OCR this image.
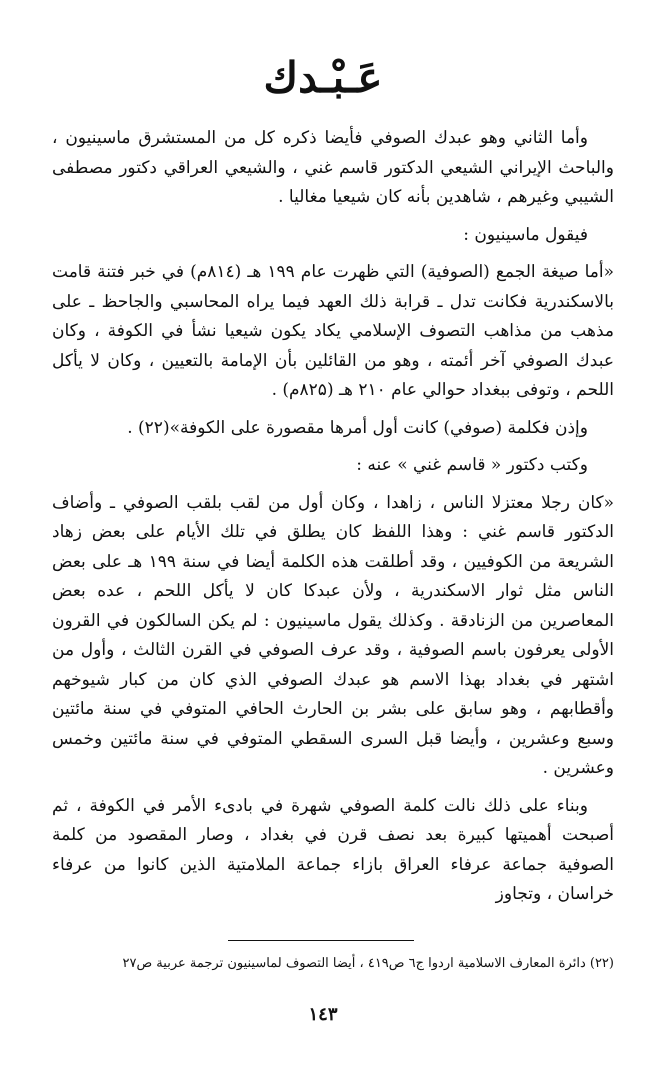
عَـبْـدك

وأما الثاني وهو عبدك الصوفي فأيضا ذكره كل من المستشرق ماسينيون ، والباحث الإيراني الشيعي الدكتور قاسم غني ، والشيعي العراقي دكتور مصطفى الشيبي وغيرهم ، شاهدين بأنه كان شيعيا مغاليا .

فيقول ماسينيون :

«أما صيغة الجمع (الصوفية) التي ظهرت عام ۱۹۹ هـ (۸۱٤م) في خبر فتنة قامت بالاسكندرية فكانت تدل ـ قرابة ذلك العهد فيما يراه المحاسبي والجاحظ ـ على مذهب من مذاهب التصوف الإسلامي يكاد يكون شيعيا نشأ في الكوفة ، وكان عبدك الصوفي آخر أئمته ، وهو من القائلين بأن الإمامة بالتعيين ، وكان لا يأكل اللحم ، وتوفى ببغداد حوالي عام ۲۱۰ هـ (۸۲۵م) .

وإذن فكلمة (صوفي) كانت أول أمرها مقصورة على الكوفة»(۲۲) .

وكتب دكتور « قاسم غني » عنه :

«كان رجلا معتزلا الناس ، زاهدا ، وكان أول من لقب بلقب الصوفي ـ وأضاف الدكتور قاسم غني : وهذا اللفظ كان يطلق في تلك الأيام على بعض زهاد الشريعة من الكوفيين ، وقد أطلقت هذه الكلمة أيضا في سنة ۱۹۹ هـ على بعض الناس مثل ثوار الاسكندرية ، ولأن عبدكا كان لا يأكل اللحم ، عده بعض المعاصرين من الزنادقة . وكذلك يقول ماسينيون : لم يكن السالكون في القرون الأولى يعرفون باسم الصوفية ، وقد عرف الصوفي في القرن الثالث ، وأول من اشتهر في بغداد بهذا الاسم هو عبدك الصوفي الذي كان من كبار شيوخهم وأقطابهم ، وهو سابق على بشر بن الحارث الحافي المتوفي في سنة مائتين وسبع وعشرين ، وأيضا قبل السرى السقطي المتوفي في سنة مائتين وخمس وعشرين .

وبناء على ذلك نالت كلمة الصوفي شهرة في بادىء الأمر في الكوفة ، ثم أصبحت أهميتها كبيرة بعد نصف قرن في بغداد ، وصار المقصود من كلمة الصوفية جماعة عرفاء العراق بازاء جماعة الملامتية الذين كانوا من عرفاء خراسان ، وتجاوز

(۲۲) دائرة المعارف الاسلامية اردوا ج٦ ص٤١٩ ، أيضا التصوف لماسينيون ترجمة عربية ص٢٧
١٤٣
